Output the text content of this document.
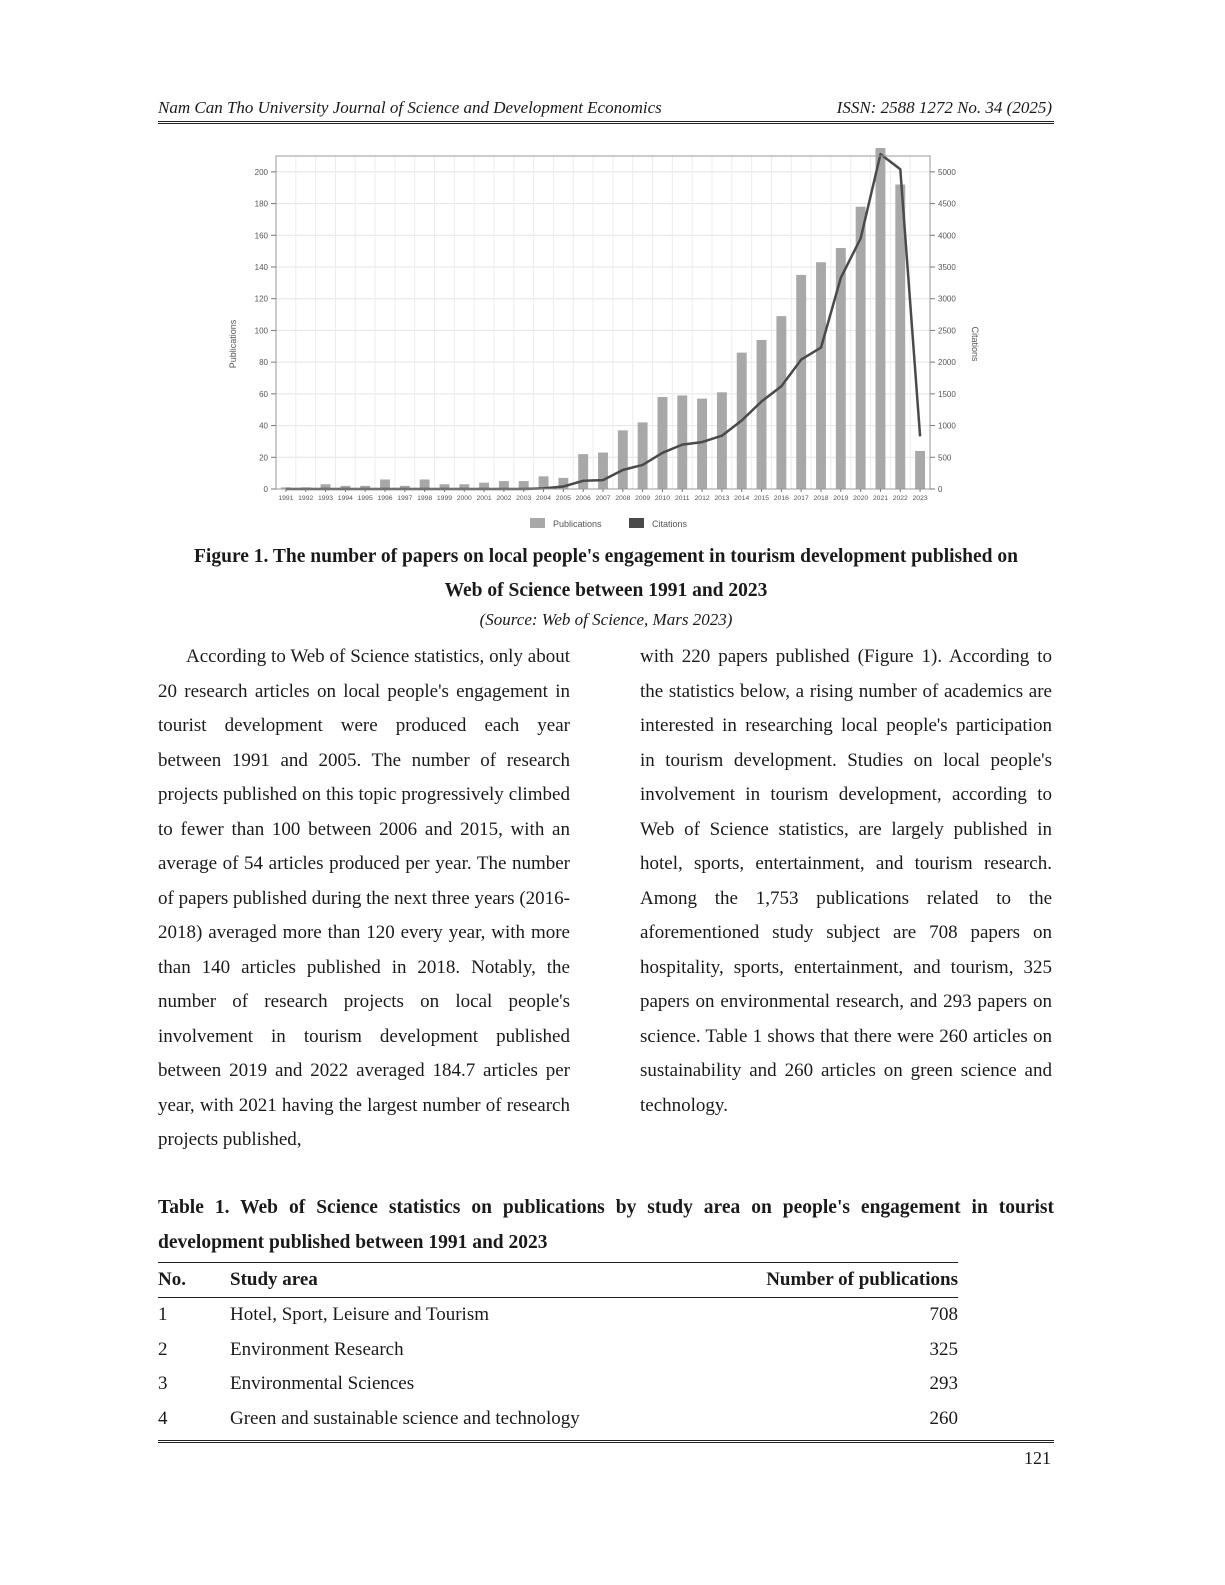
Nam Can Tho University Journal of Science and Development Economics	ISSN: 2588 1272 No. 34 (2025)
0
20
40
60
80
100
120
140
160
180
200
0
500
1000
1500
2000
2500
3000
3500
4000
4500
5000
1991 1992 1993 1994 1995 1996 1997 1998 1999 2000 2001 2002 2003 2004 2005 2006 2007 2008 2009 2010 2011 2012 2013 2014 2015 2016 2017 2018 2019 2020 2021 2022 2023
Publications	Citations
Publications	Citations
Figure 1. The number of papers on local people's engagement in tourism development published on
Web of Science between 1991 and 2023
(Source: Web of Science, Mars 2023)
According to Web of Science statistics, only about 20 research articles on local people's engagement in tourist development were produced each year between 1991 and 2005. The number of research projects published on this topic progressively climbed to fewer than 100 between 2006 and 2015, with an average of 54 articles produced per year. The number of papers published during the next three years (2016-2018) averaged more than 120 every year, with more than 140 articles published in 2018. Notably, the number of research projects on local people's involvement in tourism development published between 2019 and 2022 averaged 184.7 articles per year, with 2021 having the largest number of research projects published,
with 220 papers published (Figure 1). According to the statistics below, a rising number of academics are interested in researching local people's participation in tourism development. Studies on local people's involvement in tourism development, according to Web of Science statistics, are largely published in hotel, sports, entertainment, and tourism research. Among the 1,753 publications related to the aforementioned study subject are 708 papers on hospitality, sports, entertainment, and tourism, 325 papers on environmental research, and 293 papers on science. Table 1 shows that there were 260 articles on sustainability and 260 articles on green science and technology.
Table 1. Web of Science statistics on publications by study area on people's engagement in tourist development published between 1991 and 2023
No.	Study area	Number of publications
1	Hotel, Sport, Leisure and Tourism	708
2	Environment Research	325
3	Environmental Sciences	293
4	Green and sustainable science and technology	260
121
